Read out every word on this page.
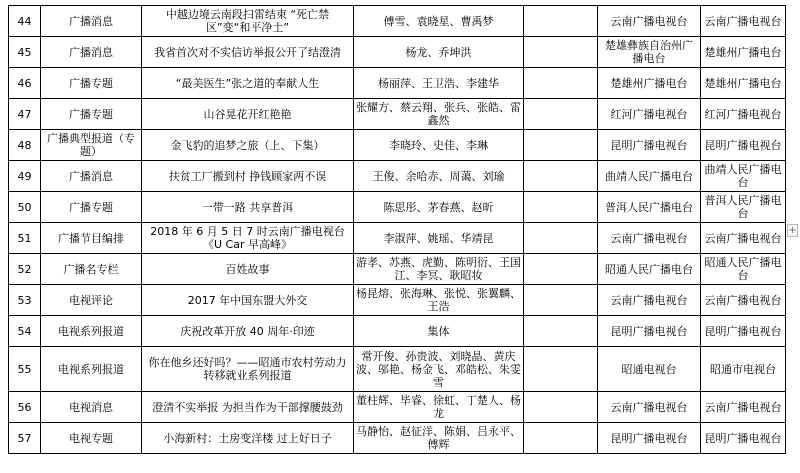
44	广播消息	中越边境云南段扫雷结束 “死亡禁区”变“和平净土”	傅雪、袁晓星、曹禹梦		云南广播电视台	云南广播电视台
45	广播消息	我省首次对不实信访举报公开了结澄清	杨龙、乔坤洪		楚雄彝族自治州广播电台	楚雄州广播电台
46	广播专题	“最美医生”张之道的奉献人生	杨丽萍、王卫浩、李建华		楚雄州广播电台	楚雄州广播电台
47	广播专题	山谷晃花开红艳艳	张耀方、蔡云翔、张兵、张皓、雷鑫然		红河广播电视台	红河广播电视台
48	广播典型报道（专题）	金飞豹的追梦之旅（上、下集）	李晓玲、史佳、李琳		昆明广播电视台	昆明广播电视台
49	广播消息	扶贫工厂搬到村 挣钱顾家两不误	王俊、余哈赤、周蔼、刘瑜		曲靖人民广播电台	曲靖人民广播电台
50	广播专题	一带一路 共享普洱	陈思彤、茅春燕、赵昕		普洱人民广播电台	普洱人民广播电台
51	广播节目编排	2018 年 6 月 5 日 7 时云南广播电视台《U Car 早高峰》	李淑萍、姚瑶、华靖昆		云南广播电视台	云南广播电视台
52	广播名专栏	百姓故事	游孝、苏燕、虎勤、陈明衍、王国江、李冥、耿昭妆		昭通人民广播电台	昭通人民广播电台
53	电视评论	2017 年中国东盟大外交	杨昆熔、张海琳、张悦、张翼麟、王浩		云南广播电视台	云南广播电视台
54	电视系列报道	庆祝改革开放 40 周年·印迹	集体		昆明广播电视台	昆明广播电视台
55	电视系列报道	你在他乡还好吗？——昭通市农村劳动力转移就业系列报道	常开俊、孙贵波、刘晓晶、黄庆波、邬艳、杨金飞、邓皓松、朱雯雪		昭通电视台	昭通市电视台
56	电视消息	澄清不实举报 为担当作为干部撑腰鼓劲	董柱辉、毕睿、徐虹、丁楚人、杨龙		云南广播电视台	云南广播电视台
57	电视专题	小海新村：土房变洋楼 过上好日子	马静怡、赵征洋、陈娟、吕永平、傅辉		昆明广播电视台	昆明广播电视台
+
